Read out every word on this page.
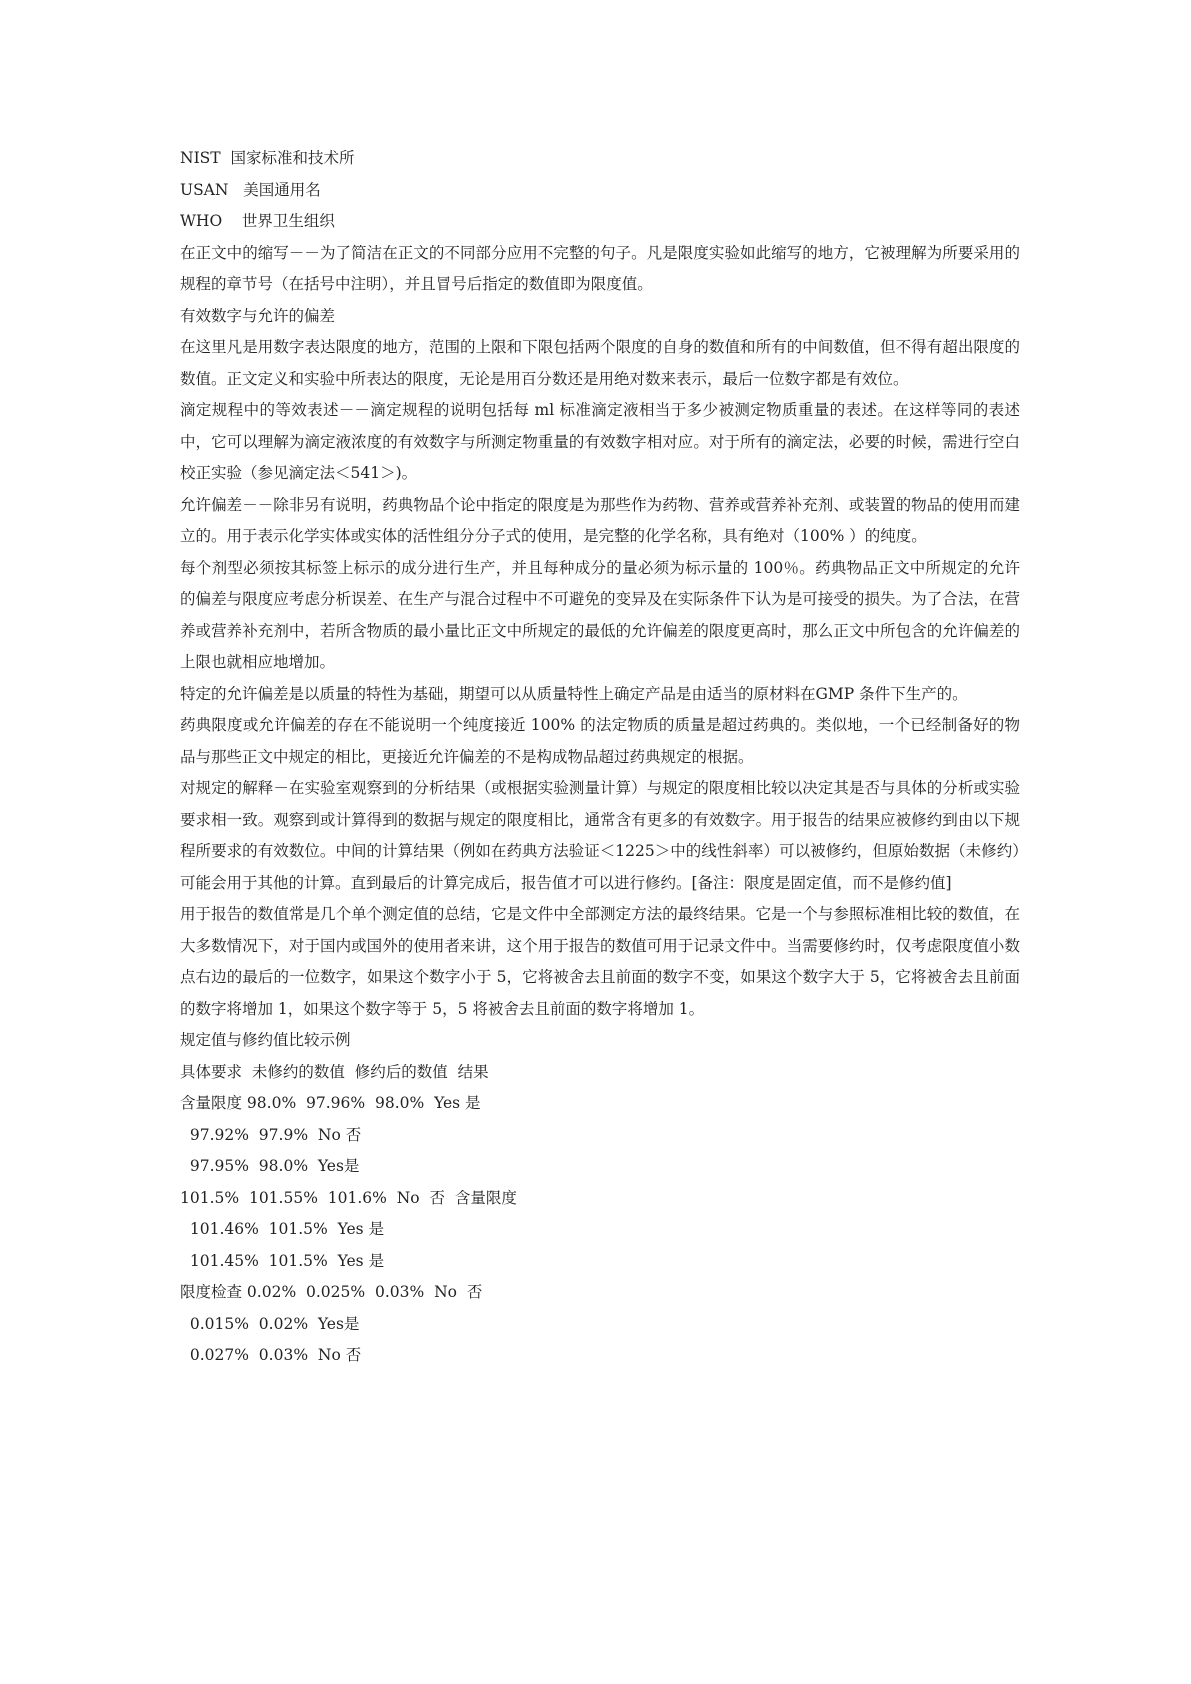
NIST  国家标准和技术所
USAN   美国通用名
WHO    世界卫生组织

在正文中的缩写－－为了简洁在正文的不同部分应用不完整的句子。凡是限度实验如此缩写的地方，它被理解为所要采用的规程的章节号（在括号中注明），并且冒号后指定的数值即为限度值。

有效数字与允许的偏差

在这里凡是用数字表达限度的地方，范围的上限和下限包括两个限度的自身的数值和所有的中间数值，但不得有超出限度的数值。正文定义和实验中所表达的限度，无论是用百分数还是用绝对数来表示，最后一位数字都是有效位。

滴定规程中的等效表述－－滴定规程的说明包括每 ml 标准滴定液相当于多少被测定物质重量的表述。在这样等同的表述中，它可以理解为滴定液浓度的有效数字与所测定物重量的有效数字相对应。对于所有的滴定法，必要的时候，需进行空白校正实验（参见滴定法＜541＞)。

允许偏差－－除非另有说明，药典物品个论中指定的限度是为那些作为药物、营养或营养补充剂、或装置的物品的使用而建立的。用于表示化学实体或实体的活性组分分子式的使用，是完整的化学名称，具有绝对（100% ）的纯度。

每个剂型必须按其标签上标示的成分进行生产，并且每种成分的量必须为标示量的 100％。药典物品正文中所规定的允许的偏差与限度应考虑分析误差、在生产与混合过程中不可避免的变异及在实际条件下认为是可接受的损失。为了合法，在营养或营养补充剂中，若所含物质的最小量比正文中所规定的最低的允许偏差的限度更高时，那么正文中所包含的允许偏差的上限也就相应地增加。

特定的允许偏差是以质量的特性为基础，期望可以从质量特性上确定产品是由适当的原材料在GMP 条件下生产的。

药典限度或允许偏差的存在不能说明一个纯度接近 100% 的法定物质的质量是超过药典的。类似地，一个已经制备好的物品与那些正文中规定的相比，更接近允许偏差的不是构成物品超过药典规定的根据。

对规定的解释－在实验室观察到的分析结果（或根据实验测量计算）与规定的限度相比较以决定其是否与具体的分析或实验要求相一致。观察到或计算得到的数据与规定的限度相比，通常含有更多的有效数字。用于报告的结果应被修约到由以下规程所要求的有效数位。中间的计算结果（例如在药典方法验证＜1225＞中的线性斜率）可以被修约，但原始数据（未修约）可能会用于其他的计算。直到最后的计算完成后，报告值才可以进行修约。[备注：限度是固定值，而不是修约值]

用于报告的数值常是几个单个测定值的总结，它是文件中全部测定方法的最终结果。它是一个与参照标准相比较的数值，在大多数情况下，对于国内或国外的使用者来讲，这个用于报告的数值可用于记录文件中。当需要修约时，仅考虑限度值小数点右边的最后的一位数字，如果这个数字小于 5，它将被舍去且前面的数字不变，如果这个数字大于 5，它将被舍去且前面的数字将增加 1，如果这个数字等于 5，5 将被舍去且前面的数字将增加 1。

规定值与修约值比较示例
具体要求  未修约的数值  修约后的数值  结果
含量限度 98.0%  97.96%  98.0%  Yes 是
97.92%  97.9%  No 否
97.95%  98.0%  Yes是
101.5%  101.55%  101.6%  No  否  含量限度
101.46%  101.5%  Yes 是
101.45%  101.5%  Yes 是
限度检查 0.02%  0.025%  0.03%  No  否
0.015%  0.02%  Yes是
0.027%  0.03%  No 否
